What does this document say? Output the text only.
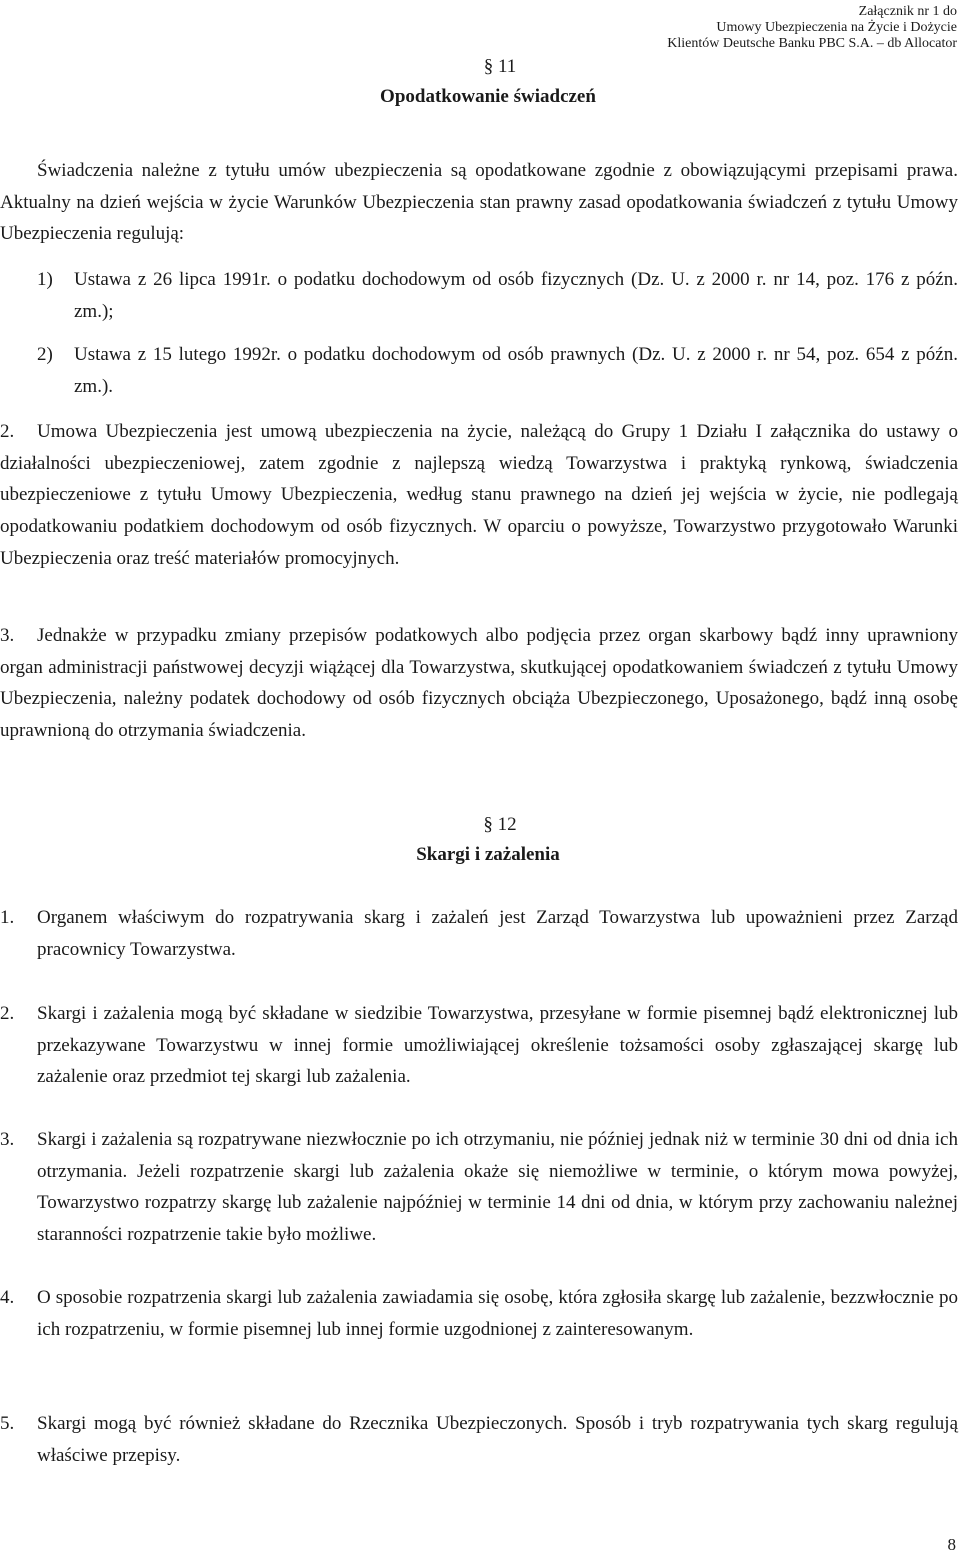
Załącznik nr 1 do
Umowy Ubezpieczenia na Życie i Dożycie
Klientów Deutsche Banku PBC S.A. – db Allocator
§ 11
Opodatkowanie świadczeń
Świadczenia należne z tytułu umów ubezpieczenia są opodatkowane zgodnie z obowiązującymi przepisami prawa. Aktualny na dzień wejścia w życie Warunków Ubezpieczenia stan prawny zasad opodatkowania świadczeń z tytułu Umowy Ubezpieczenia regulują:
1)	Ustawa z 26 lipca 1991r. o podatku dochodowym od osób fizycznych (Dz. U. z 2000 r. nr 14, poz. 176 z późn. zm.);
2)	Ustawa z 15 lutego 1992r. o podatku dochodowym od osób prawnych (Dz. U. z 2000 r. nr 54, poz. 654 z późn. zm.).
2. Umowa Ubezpieczenia jest umową ubezpieczenia na życie, należącą do Grupy 1 Działu I załącznika do ustawy o działalności ubezpieczeniowej, zatem zgodnie z najlepszą wiedzą Towarzystwa i praktyką rynkową, świadczenia ubezpieczeniowe z tytułu Umowy Ubezpieczenia, według stanu prawnego na dzień jej wejścia w życie, nie podlegają opodatkowaniu podatkiem dochodowym od osób fizycznych. W oparciu o powyższe, Towarzystwo przygotowało Warunki Ubezpieczenia oraz treść materiałów promocyjnych.
3. Jednakże w przypadku zmiany przepisów podatkowych albo podjęcia przez organ skarbowy bądź inny uprawniony organ administracji państwowej decyzji wiążącej dla Towarzystwa, skutkującej opodatkowaniem świadczeń z tytułu Umowy Ubezpieczenia, należny podatek dochodowy od osób fizycznych obciąża Ubezpieczonego, Uposażonego, bądź inną osobę uprawnioną do otrzymania świadczenia.
§ 12
Skargi i zażalenia
1.	Organem właściwym do rozpatrywania skarg i zażaleń jest Zarząd Towarzystwa lub upoważnieni przez Zarząd pracownicy Towarzystwa.
2.	Skargi i zażalenia mogą być składane w siedzibie Towarzystwa, przesyłane w formie pisemnej bądź elektronicznej lub przekazywane Towarzystwu w innej formie umożliwiającej określenie tożsamości osoby zgłaszającej skargę lub zażalenie oraz przedmiot tej skargi lub zażalenia.
3.	Skargi i zażalenia są rozpatrywane niezwłocznie po ich otrzymaniu, nie później jednak niż w terminie 30 dni od dnia ich otrzymania. Jeżeli rozpatrzenie skargi lub zażalenia okaże się niemożliwe w terminie, o którym mowa powyżej, Towarzystwo rozpatrzy skargę lub zażalenie najpóźniej w terminie 14 dni od dnia, w którym przy zachowaniu należnej staranności rozpatrzenie takie było możliwe.
4.	O sposobie rozpatrzenia skargi lub zażalenia zawiadamia się osobę, która zgłosiła skargę lub zażalenie, bezzwłocznie po ich rozpatrzeniu, w formie pisemnej lub innej formie uzgodnionej z zainteresowanym.
5.	Skargi mogą być również składane do Rzecznika Ubezpieczonych. Sposób i tryb rozpatrywania tych skarg regulują właściwe przepisy.
8
